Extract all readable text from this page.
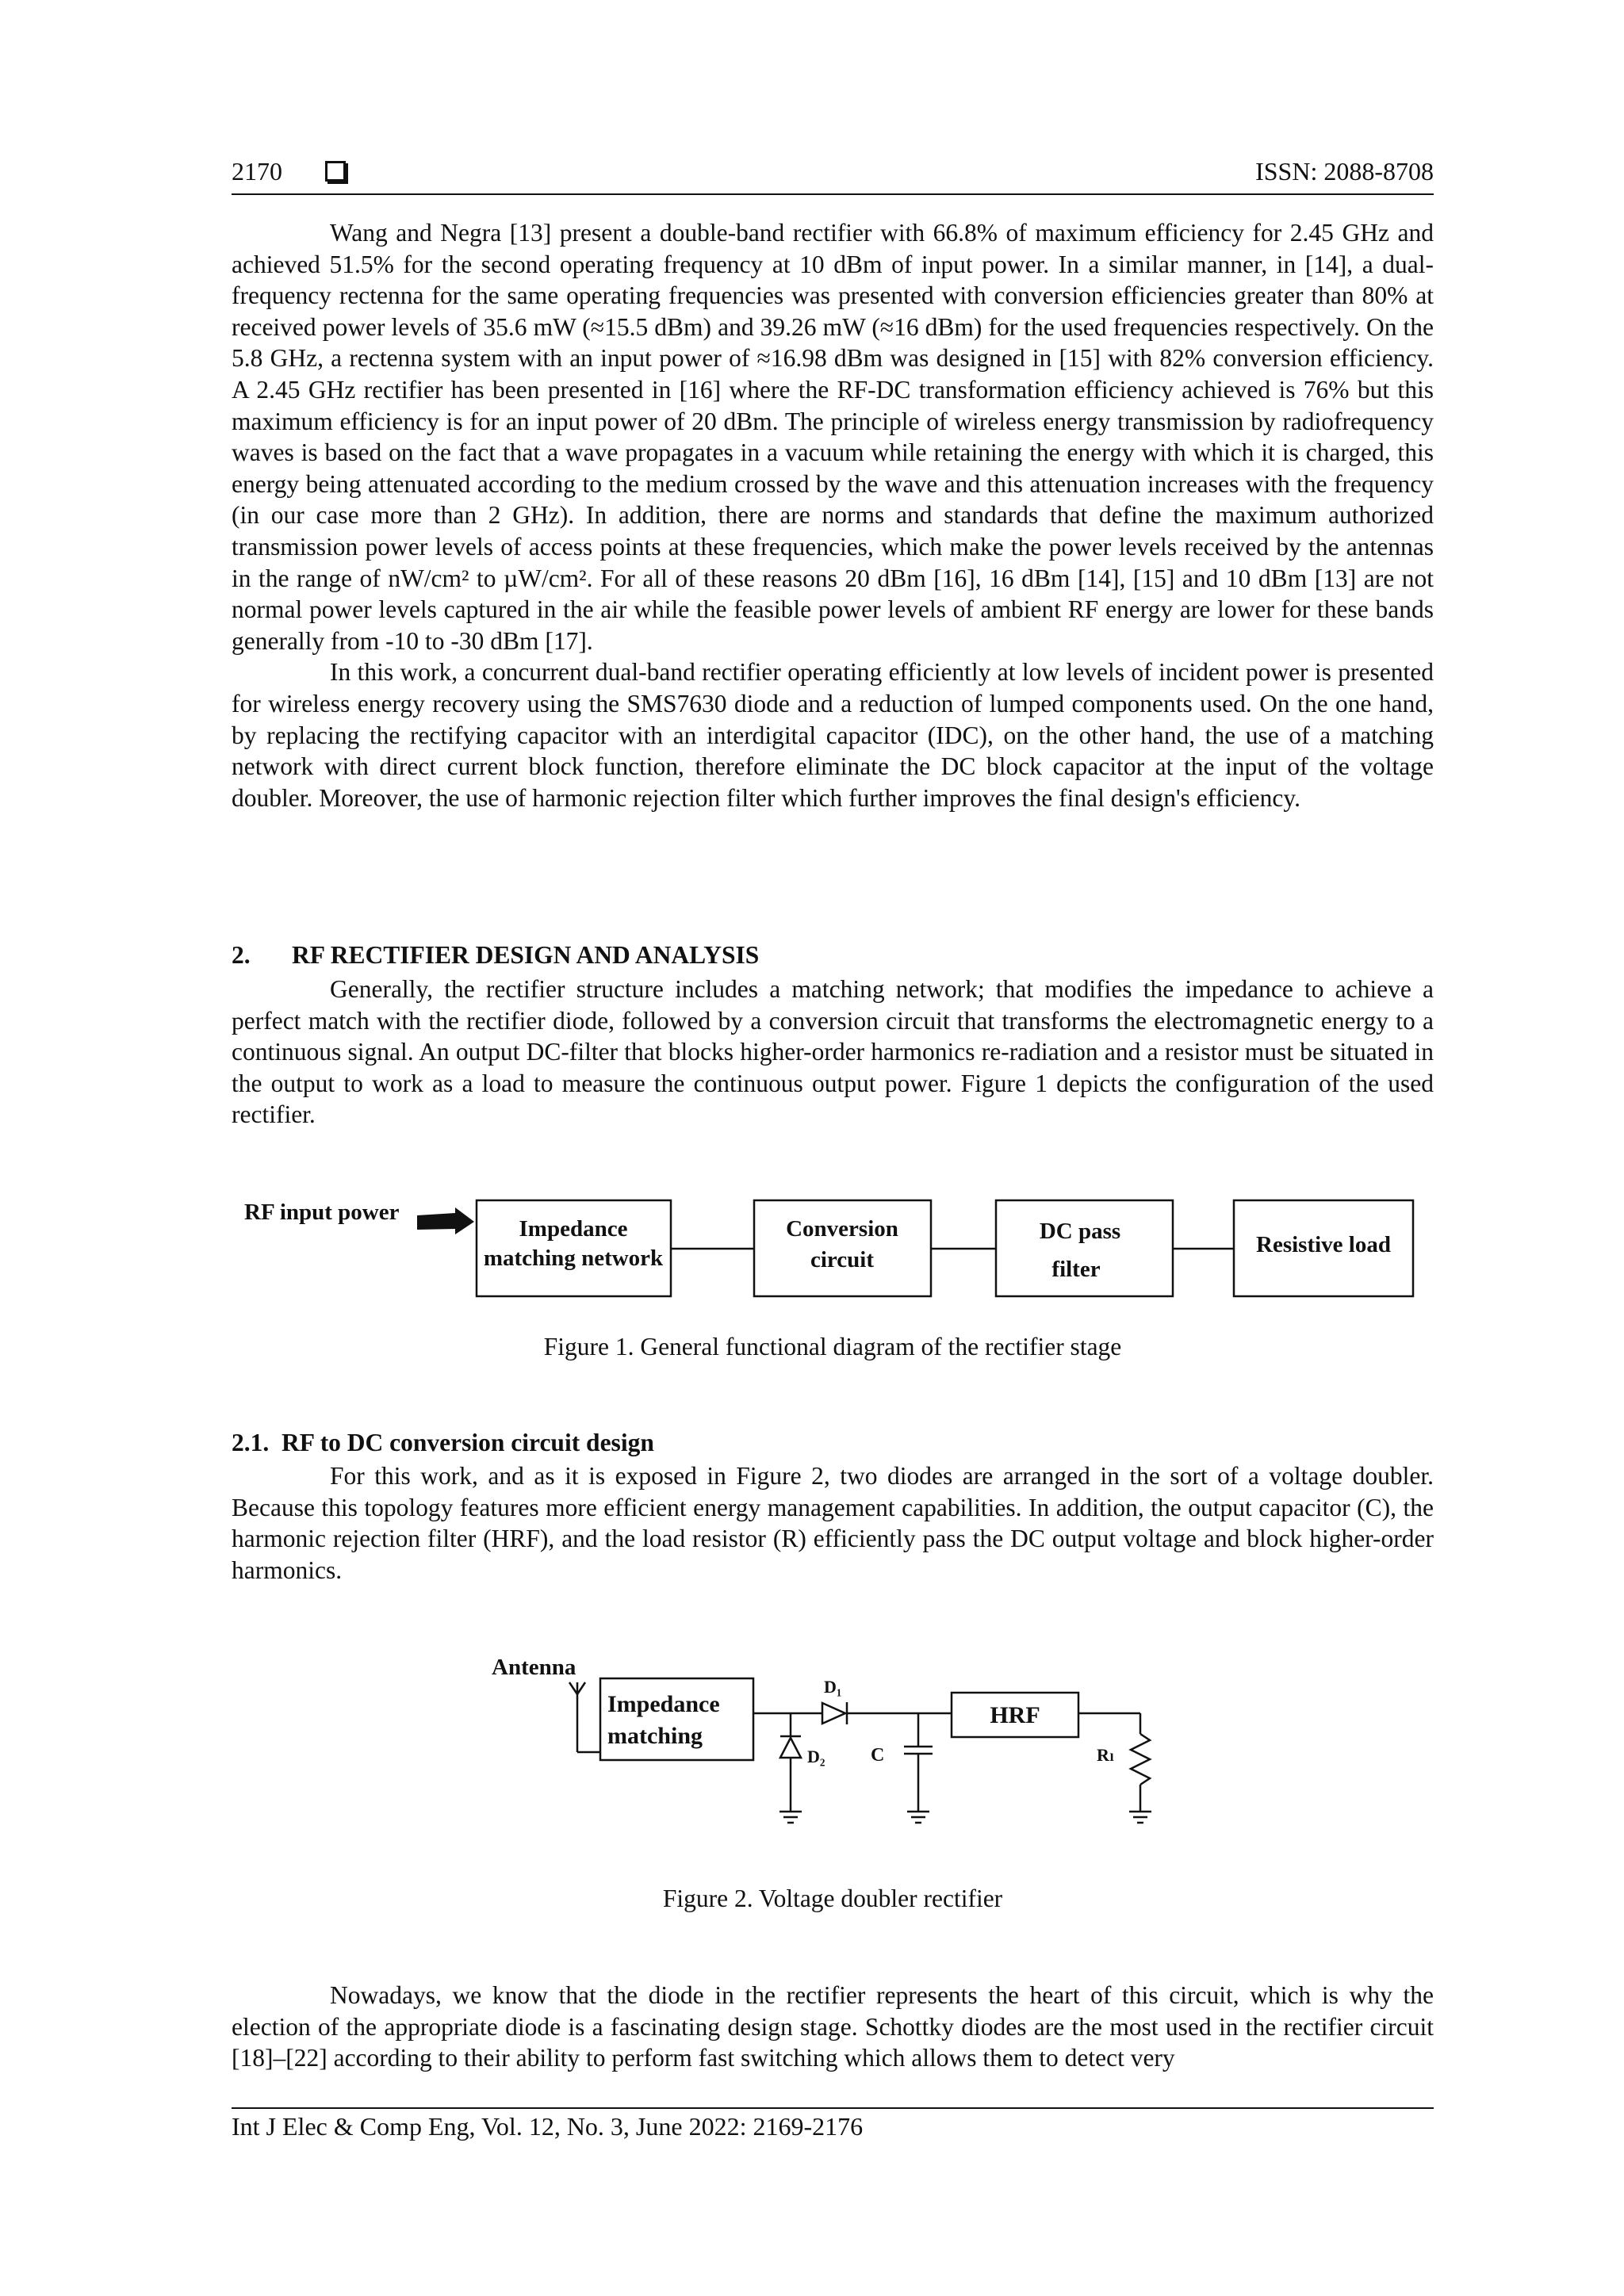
2170	ISSN: 2088-8708

Wang and Negra [13] present a double-band rectifier with 66.8% of maximum efficiency for 2.45 GHz and achieved 51.5% for the second operating frequency at 10 dBm of input power. In a similar manner, in [14], a dual-frequency rectenna for the same operating frequencies was presented with conversion efficiencies greater than 80% at received power levels of 35.6 mW (≈15.5 dBm) and 39.26 mW (≈16 dBm) for the used frequencies respectively. On the 5.8 GHz, a rectenna system with an input power of ≈16.98 dBm was designed in [15] with 82% conversion efficiency. A 2.45 GHz rectifier has been presented in [16] where the RF-DC transformation efficiency achieved is 76% but this maximum efficiency is for an input power of 20 dBm. The principle of wireless energy transmission by radiofrequency waves is based on the fact that a wave propagates in a vacuum while retaining the energy with which it is charged, this energy being attenuated according to the medium crossed by the wave and this attenuation increases with the frequency (in our case more than 2 GHz). In addition, there are norms and standards that define the maximum authorized transmission power levels of access points at these frequencies, which make the power levels received by the antennas in the range of nW/cm² to µW/cm². For all of these reasons 20 dBm [16], 16 dBm [14], [15] and 10 dBm [13] are not normal power levels captured in the air while the feasible power levels of ambient RF energy are lower for these bands generally from -10 to -30 dBm [17].

In this work, a concurrent dual-band rectifier operating efficiently at low levels of incident power is presented for wireless energy recovery using the SMS7630 diode and a reduction of lumped components used. On the one hand, by replacing the rectifying capacitor with an interdigital capacitor (IDC), on the other hand, the use of a matching network with direct current block function, therefore eliminate the DC block capacitor at the input of the voltage doubler. Moreover, the use of harmonic rejection filter which further improves the final design's efficiency.

2. RF RECTIFIER DESIGN AND ANALYSIS

Generally, the rectifier structure includes a matching network; that modifies the impedance to achieve a perfect match with the rectifier diode, followed by a conversion circuit that transforms the electromagnetic energy to a continuous signal. An output DC-filter that blocks higher-order harmonics re-radiation and a resistor must be situated in the output to work as a load to measure the continuous output power. Figure 1 depicts the configuration of the used rectifier.

RF input power
Impedance
matching network
Conversion
circuit
DC pass
filter
Resistive load
Figure 1. General functional diagram of the rectifier stage
2.1. RF to DC conversion circuit design

For this work, and as it is exposed in Figure 2, two diodes are arranged in the sort of a voltage doubler. Because this topology features more efficient energy management capabilities. In addition, the output capacitor (C), the harmonic rejection filter (HRF), and the load resistor (R) efficiently pass the DC output voltage and block higher-order harmonics.

Antenna
Impedance
matching
D₁
D₂ C
HRF
Rₗ
Figure 2. Voltage doubler rectifier

Nowadays, we know that the diode in the rectifier represents the heart of this circuit, which is why the election of the appropriate diode is a fascinating design stage. Schottky diodes are the most used in the rectifier circuit [18]–[22] according to their ability to perform fast switching which allows them to detect very

Int J Elec & Comp Eng, Vol. 12, No. 3, June 2022: 2169-2176
